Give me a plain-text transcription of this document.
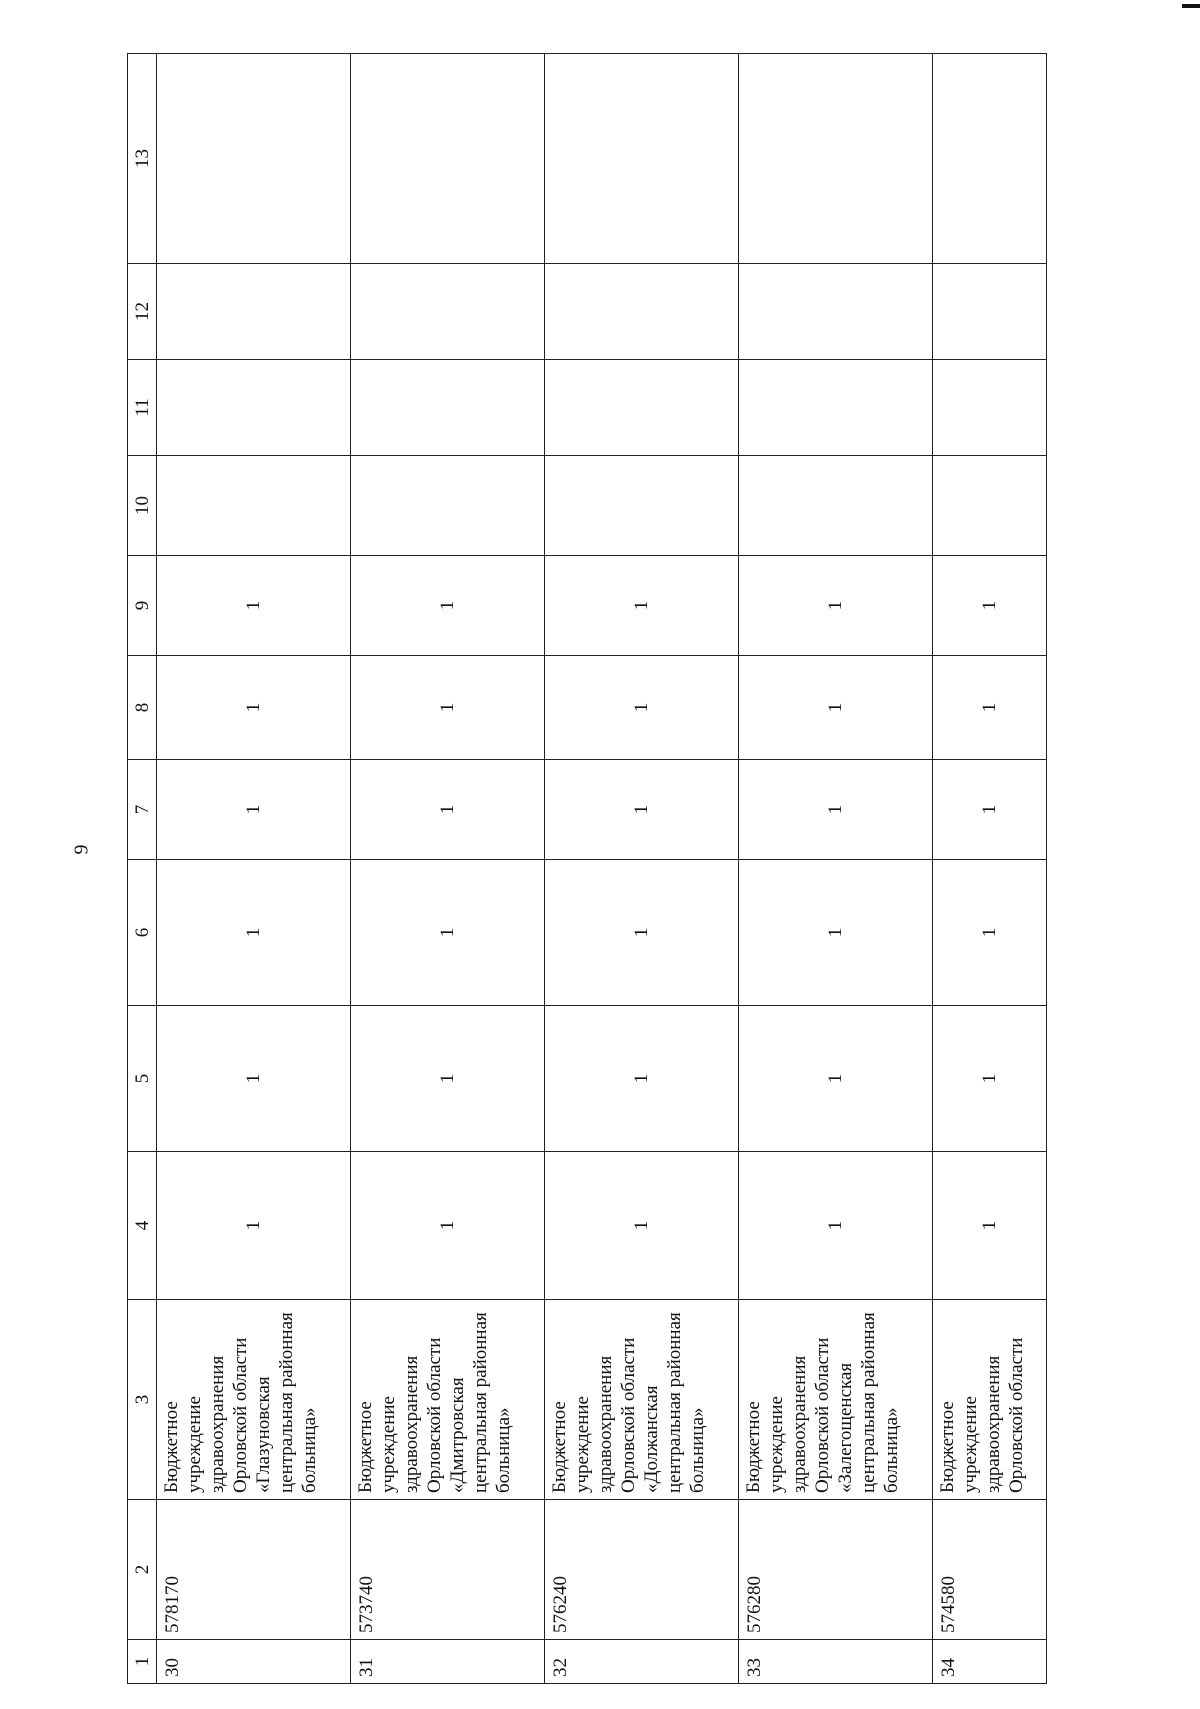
9
1	2	3	4	5	6	7	8	9	10	11	12	13
30	578170	Бюджетное учреждение здравоохранения Орловской области «Глазуновская центральная районная больница»	1	1	1	1	1	1				
31	573740	Бюджетное учреждение здравоохранения Орловской области «Дмитровская центральная районная больница»	1	1	1	1	1	1				
32	576240	Бюджетное учреждение здравоохранения Орловской области «Должанская центральная районная больница»	1	1	1	1	1	1				
33	576280	Бюджетное учреждение здравоохранения Орловской области «Залегощенская центральная районная больница»	1	1	1	1	1	1				
34	574580	Бюджетное учреждение здравоохранения Орловской области	1	1	1	1	1	1				
